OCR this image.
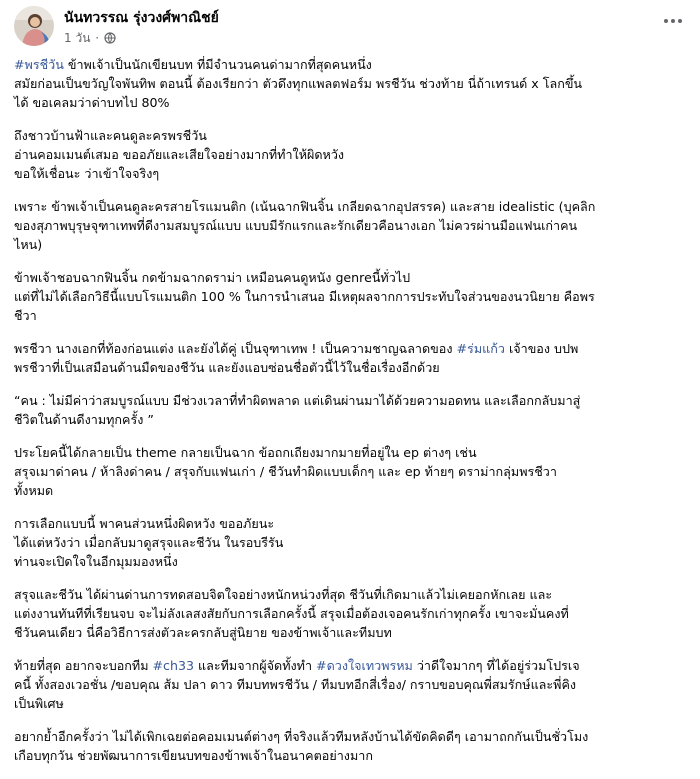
นันทวรรณ รุ่งวงศ์พาณิชย์
1 วัน ·
#พรชีวัน ข้าพเจ้าเป็นนักเขียนบท ที่มีจำนวนคนด่ามากที่สุดคนหนึ่ง
สมัยก่อนเป็นขวัญใจพันทิพ ตอนนี้ ต้องเรียกว่า ตัวดึงทุกแพลตฟอร์ม พรชีวัน ช่วงท้าย นี่ถ้าเทรนด์ x โลกขึ้น
ได้ ขอเคลมว่าด่าบทไป 80%
ถึงชาวบ้านฟ้าและคนดูละครพรชีวัน
อ่านคอมเมนต์เสมอ ขออภัยและเสียใจอย่างมากที่ทำให้ผิดหวัง
ขอให้เชื่อนะ ว่าเข้าใจจริงๆ
เพราะ ข้าพเจ้าเป็นคนดูละครสายโรแมนติก (เน้นฉากฟินจิ้น เกลียดฉากอุปสรรค) และสาย idealistic (บุคลิก
ของสุภาพบุรุษจุฑาเทพที่ดีงามสมบูรณ์แบบ แบบมีรักแรกและรักเดียวคือนางเอก ไม่ควรผ่านมือแฟนเก่าคน
ไหน)
ข้าพเจ้าชอบฉากฟินจิ้น กดข้ามฉากดราม่า เหมือนคนดูหนัง genreนี้ทั่วไป
แต่ที่ไม่ได้เลือกวิธีนี้แบบโรแมนติก 100 % ในการนำเสนอ มีเหตุผลจากการประทับใจส่วนของนวนิยาย คือพร
ชีวา
พรชีวา นางเอกที่ท้องก่อนแต่ง และยังได้คู่ เป็นจุฑาเทพ ! เป็นความชาญฉลาดของ #ร่มแก้ว เจ้าของ บปพ
พรชีวาที่เป็นเสมือนด้านมืดของชีวัน และยังแอบซ่อนชื่อตัวนี้ไว้ในชื่อเรื่องอีกด้วย
“คน : ไม่มีค่าว่าสมบูรณ์แบบ มีช่วงเวลาที่ทำผิดพลาด แต่เดินผ่านมาได้ด้วยความอดทน และเลือกกลับมาสู่
ชีวิตในด้านดีงามทุกครั้ง ”
ประโยคนี้ได้กลายเป็น theme กลายเป็นฉาก ข้อถกเถียงมากมายที่อยู่ใน ep ต่างๆ เช่น
สรุจเมาด่าคน / ห้าลิงด่าคน / สรุจกับแฟนเก่า / ชีวันทำผิดแบบเด็กๆ และ ep ท้ายๆ ดราม่ากลุ่มพรชีวา
ทั้งหมด
การเลือกแบบนี้ พาคนส่วนหนึ่งผิดหวัง ขออภัยนะ
ได้แต่หวังว่า เมื่อกลับมาดูสรุจและชีวัน ในรอบรีรัน
ท่านจะเปิดใจในอีกมุมมองหนึ่ง
สรุจและชีวัน ได้ผ่านด่านการทดสอบจิตใจอย่างหนักหน่วงที่สุด ชีวันที่เกิดมาแล้วไม่เคยอกหักเลย และ
แต่งงานทันทีที่เรียนจบ จะไม่ลังเลสงสัยกับการเลือกครั้งนี้ สรุจเมื่อต้องเจอคนรักเก่าทุกครั้ง เขาจะมั่นคงที่
ชีวันคนเดียว นี่คือวิธีการส่งตัวละครกลับสู่นิยาย ของข้าพเจ้าและทีมบท
ท้ายที่สุด อยากจะบอกทีม #ch33 และทีมจากผู้จัดทั้งทำ #ดวงใจเทวพรหม ว่าดีใจมากๆ ที่ได้อยู่ร่วมโปรเจ
คนี้ ทั้งสองเวอชั่น /ขอบคุณ ส้ม ปลา ดาว ทีมบทพรชีวัน / ทีมบทอีกสี่เรื่อง/ กราบขอบคุณพี่สมรักษ์และพี่คิง
เป็นพิเศษ
อยากย้ำอีกครั้งว่า ไม่ได้เพิกเฉยต่อคอมเมนต์ต่างๆ ที่จริงแล้วทีมหลังบ้านได้ขัดคิดดีๆ เอามาถกกันเป็นชั่วโมง
เกือบทุกวัน ช่วยพัฒนาการเขียนบทของข้าพเจ้าในอนาคตอย่างมาก
